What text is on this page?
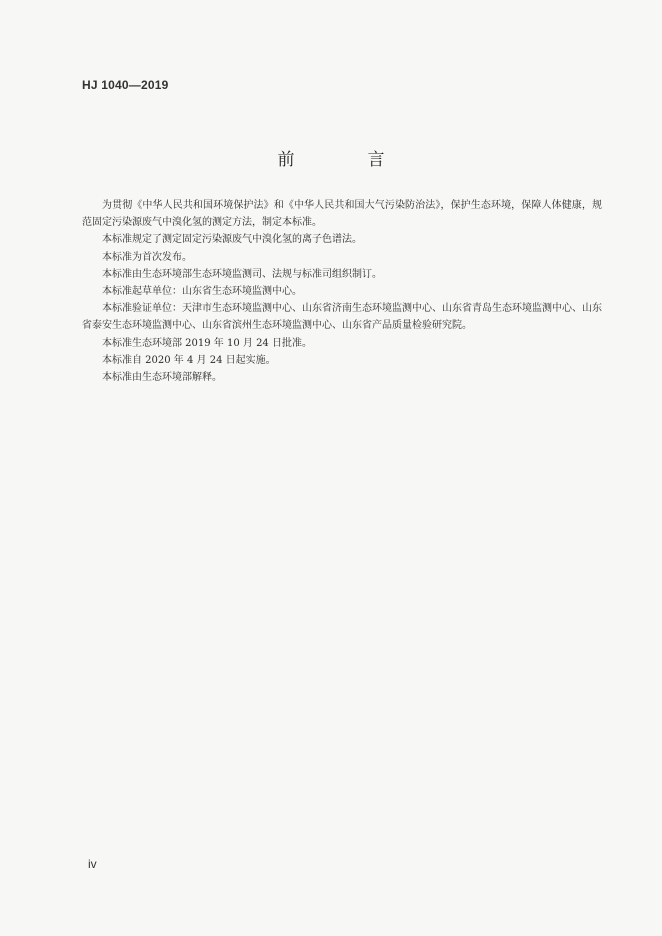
HJ 1040—2019
前　言

为贯彻《中华人民共和国环境保护法》和《中华人民共和国大气污染防治法》，保护生态环境，保障人体健康，规范固定污染源废气中溴化氢的测定方法，制定本标准。

本标准规定了测定固定污染源废气中溴化氢的离子色谱法。

本标准为首次发布。

本标准由生态环境部生态环境监测司、法规与标准司组织制订。

本标准起草单位：山东省生态环境监测中心。

本标准验证单位：天津市生态环境监测中心、山东省济南生态环境监测中心、山东省青岛生态环境监测中心、山东省泰安生态环境监测中心、山东省滨州生态环境监测中心、山东省产品质量检验研究院。

本标准生态环境部 2019 年 10 月 24 日批准。

本标准自 2020 年 4 月 24 日起实施。

本标准由生态环境部解释。

iv
